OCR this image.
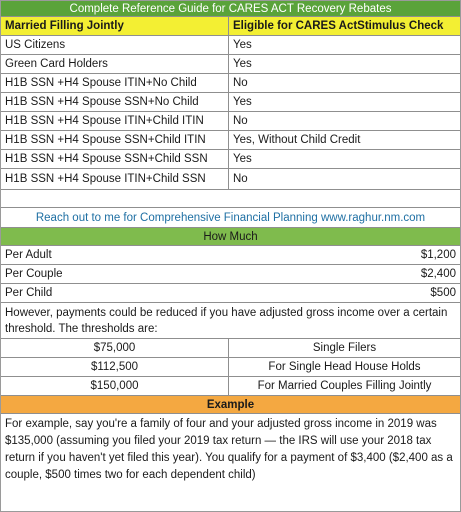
Complete Reference Guide for CARES ACT Recovery Rebates
Married Filling Jointly	Eligible for CARES ActStimulus Check
US Citizens	Yes
Green Card Holders	Yes
H1B SSN +H4 Spouse ITIN+No Child	No
H1B SSN +H4 Spouse SSN+No Child	Yes
H1B SSN +H4 Spouse ITIN+Child ITIN	No
H1B SSN +H4 Spouse SSN+Child ITIN	Yes, Without Child Credit
H1B SSN +H4 Spouse SSN+Child SSN	Yes
H1B SSN +H4 Spouse ITIN+Child SSN	No
Reach out to me for Comprehensive Financial Planning www.raghur.nm.com
How Much
Per Adult	$1,200
Per Couple	$2,400
Per Child	$500
However, payments could be reduced if you have adjusted gross income over a certain threshold. The thresholds are:
$75,000	Single Filers
$112,500	For Single Head House Holds
$150,000	For Married Couples Filling Jointly
Example
For example, say you're a family of four and your adjusted gross income in 2019 was $135,000 (assuming you filed your 2019 tax return — the IRS will use your 2018 tax return if you haven't yet filed this year). You qualify for a payment of $3,400 ($2,400 as a couple, $500 times two for each dependent child)
